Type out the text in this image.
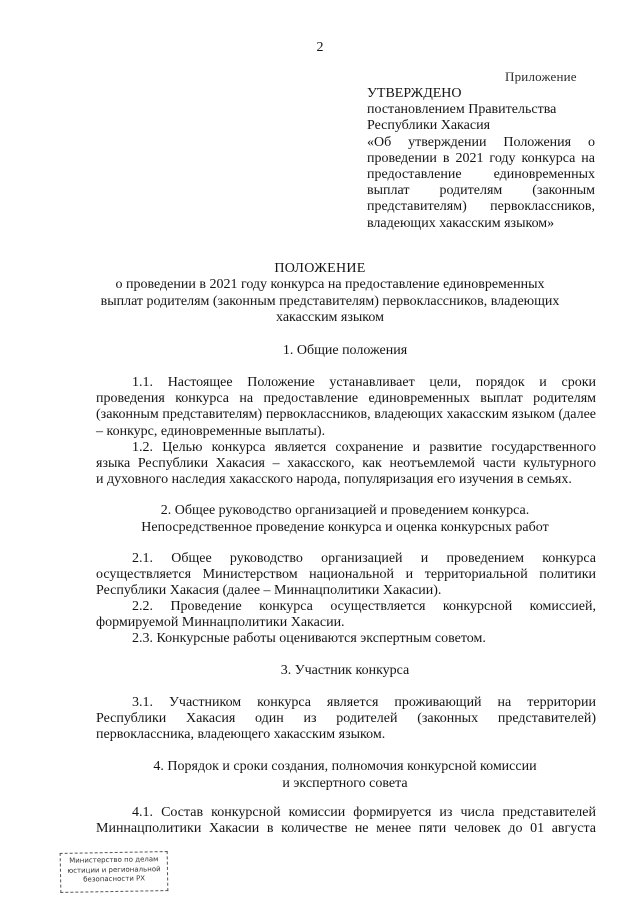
2
Приложение
УТВЕРЖДЕНО
постановлением Правительства
Республики Хакасия
«Об утверждении Положения о
проведении в 2021 году конкурса на
предоставление единовременных
выплат родителям (законным
представителям) первоклассников,
владеющих хакасским языком»
ПОЛОЖЕНИЕ
о проведении в 2021 году конкурса на предоставление единовременных
выплат родителям (законным представителям) первоклассников, владеющих
хакасским языком
1. Общие положения
1.1. Настоящее Положение устанавливает цели, порядок и сроки
проведения конкурса на предоставление единовременных выплат родителям
(законным представителям) первоклассников, владеющих хакасским языком (далее
– конкурс, единовременные выплаты).
1.2. Целью конкурса является сохранение и развитие государственного
языка Республики Хакасия – хакасского, как неотъемлемой части культурного
и духовного наследия хакасского народа, популяризация его изучения в семьях.
2. Общее руководство организацией и проведением конкурса.
Непосредственное проведение конкурса и оценка конкурсных работ
2.1. Общее руководство организацией и проведением конкурса
осуществляется Министерством национальной и территориальной политики
Республики Хакасия (далее – Миннацполитики Хакасии).
2.2. Проведение конкурса осуществляется конкурсной комиссией,
формируемой Миннацполитики Хакасии.
2.3. Конкурсные работы оцениваются экспертным советом.
3. Участник конкурса
3.1. Участником конкурса является проживающий на территории
Республики Хакасия один из родителей (законных представителей)
первоклассника, владеющего хакасским языком.
4. Порядок и сроки создания, полномочия конкурсной комиссии
и экспертного совета
4.1. Состав конкурсной комиссии формируется из числа представителей
Миннацполитики Хакасии в количестве не менее пяти человек до 01 августа
Министерство по делам
юстиции и региональной
безопасности РХ
